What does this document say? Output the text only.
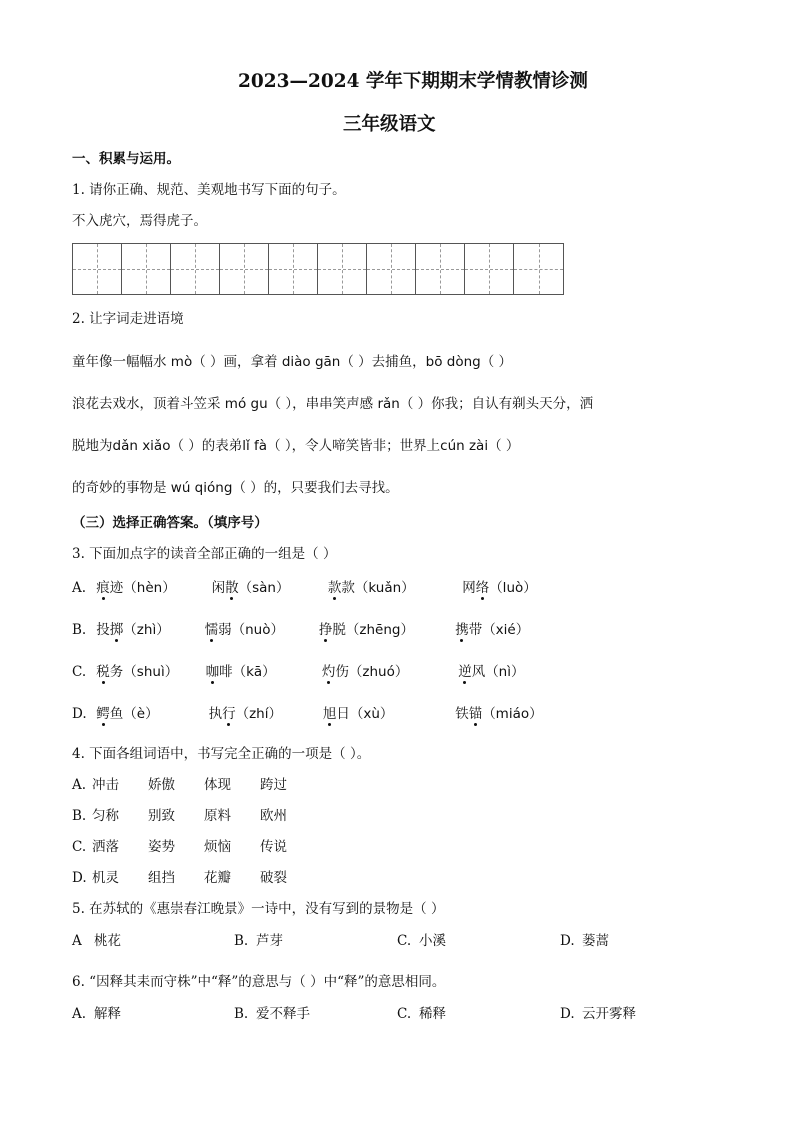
2023—2024 学年下期期末学情教情诊测
三年级语文
一、积累与运用。
1. 请你正确、规范、美观地书写下面的句子。
不入虎穴，焉得虎子。
2. 让字词走进语境
童年像一幅幅水 mò（ ）画，拿着 diào gān（ ）去捕鱼，bō dòng（ ）
浪花去戏水，顶着斗笠采 mó gu（ ），串串笑声感 rǎn（ ）你我；自认有剃头天分，洒
脱地为dǎn xiǎo（ ）的表弟lǐ fà（ ），令人啼笑皆非；世界上cún zài（ ）
的奇妙的事物是 wú qióng（ ）的，只要我们去寻找。
（三）选择正确答案。（填序号）
3. 下面加点字的读音全部正确的一组是（ ）
A. 痕迹（hèn）	闲散（sàn）	款款（kuǎn）	网络（luò）
B. 投掷（zhì）	懦弱（nuò）	挣脱（zhēng）	携带（xié）
C. 税务（shuì） 咖啡（kā）	灼伤（zhuó）	逆风（nì）
D. 鳄鱼（è）	执行（zhí）	旭日（xù）	铁锚（miáo）
4. 下面各组词语中，书写完全正确的一项是（ ）。
A. 冲击 娇傲 体现 跨过
B. 匀称 别致 原料 欧州
C. 洒落 姿势 烦恼 传说
D. 机灵 组挡 花瓣 破裂
5. 在苏轼的《惠崇春江晚景》一诗中，没有写到的景物是（ ）
A 桃花	B. 芦芽	C. 小溪	D. 蒌蒿
6. “因释其耒而守株”中“释”的意思与（ ）中“释”的意思相同。
A. 解释	B. 爱不释手	C. 稀释	D. 云开雾释
